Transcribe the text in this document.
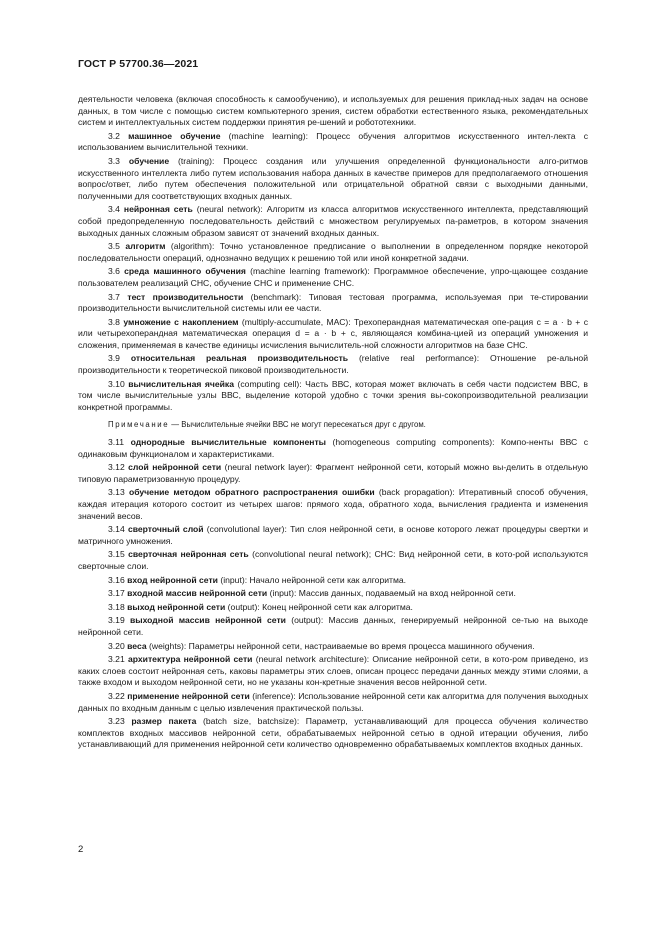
ГОСТ Р 57700.36—2021

деятельности человека (включая способность к самообучению), и используемых для решения приклад-ных задач на основе данных, в том числе с помощью систем компьютерного зрения, систем обработки естественного языка, рекомендательных систем и интеллектуальных систем поддержки принятия ре-шений и робототехники.

3.2 машинное обучение (machine learning): Процесс обучения алгоритмов искусственного интел-лекта с использованием вычислительной техники.

3.3 обучение (training): Процесс создания или улучшения определенной функциональности алго-ритмов искусственного интеллекта либо путем использования набора данных в качестве примеров для предполагаемого отношения вопрос/ответ, либо путем обеспечения положительной или отрицательной обратной связи с выходными данными, полученными для соответствующих входных данных.

3.4 нейронная сеть (neural network): Алгоритм из класса алгоритмов искусственного интеллекта, представляющий собой предопределенную последовательность действий с множеством регулируемых па-раметров, в котором значения выходных данных сложным образом зависят от значений входных данных.

3.5 алгоритм (algorithm): Точно установленное предписание о выполнении в определенном порядке некоторой последовательности операций, однозначно ведущих к решению той или иной конкретной задачи.

3.6 среда машинного обучения (machine learning framework): Программное обеспечение, упро-щающее создание пользователем реализаций СНС, обучение СНС и применение СНС.

3.7 тест производительности (benchmark): Типовая тестовая программа, используемая при те-стировании производительности вычислительной системы или ее части.

3.8 умножение с накоплением (multiply-accumulate, МАС): Трехоперандная математическая опе-рация c = a · b + c или четырехоперандная математическая операция d = a · b + c, являющаяся комбина-цией из операций умножения и сложения, применяемая в качестве единицы исчисления вычислитель-ной сложности алгоритмов на базе СНС.

3.9 относительная реальная производительность (relative real performance): Отношение ре-альной производительности к теоретической пиковой производительности.

3.10 вычислительная ячейка (computing cell): Часть ВВС, которая может включать в себя части подсистем ВВС, в том числе вычислительные узлы ВВС, выделение которой удобно с точки зрения вы-сокопроизводительной реализации конкретной программы.

Примечание — Вычислительные ячейки ВВС не могут пересекаться друг с другом.

3.11 однородные вычислительные компоненты (homogeneous computing components): Компо-ненты ВВС с одинаковым функционалом и характеристиками.

3.12 слой нейронной сети (neural network layer): Фрагмент нейронной сети, который можно вы-делить в отдельную типовую параметризованную процедуру.

3.13 обучение методом обратного распространения ошибки (back propagation): Итеративный способ обучения, каждая итерация которого состоит из четырех шагов: прямого хода, обратного хода, вычисления градиента и изменения значений весов.

3.14 сверточный слой (convolutional layer): Тип слоя нейронной сети, в основе которого лежат процедуры свертки и матричного умножения.

3.15 сверточная нейронная сеть (convolutional neural network); СНС: Вид нейронной сети, в кото-рой используются сверточные слои.

3.16 вход нейронной сети (input): Начало нейронной сети как алгоритма.

3.17 входной массив нейронной сети (input): Массив данных, подаваемый на вход нейронной сети.

3.18 выход нейронной сети (output): Конец нейронной сети как алгоритма.

3.19 выходной массив нейронной сети (output): Массив данных, генерируемый нейронной се-тью на выходе нейронной сети.

3.20 веса (weights): Параметры нейронной сети, настраиваемые во время процесса машинного обучения.

3.21 архитектура нейронной сети (neural network architecture): Описание нейронной сети, в кото-ром приведено, из каких слоев состоит нейронная сеть, каковы параметры этих слоев, описан процесс передачи данных между этими слоями, а также входом и выходом нейронной сети, но не указаны кон-кретные значения весов нейронной сети.

3.22 применение нейронной сети (inference): Использование нейронной сети как алгоритма для получения выходных данных по входным данным с целью извлечения практической пользы.

3.23 размер пакета (batch size, batchsize): Параметр, устанавливающий для процесса обучения количество комплектов входных массивов нейронной сети, обрабатываемых нейронной сетью в одной итерации обучения, либо устанавливающий для применения нейронной сети количество одновременно обрабатываемых комплектов входных данных.

2
